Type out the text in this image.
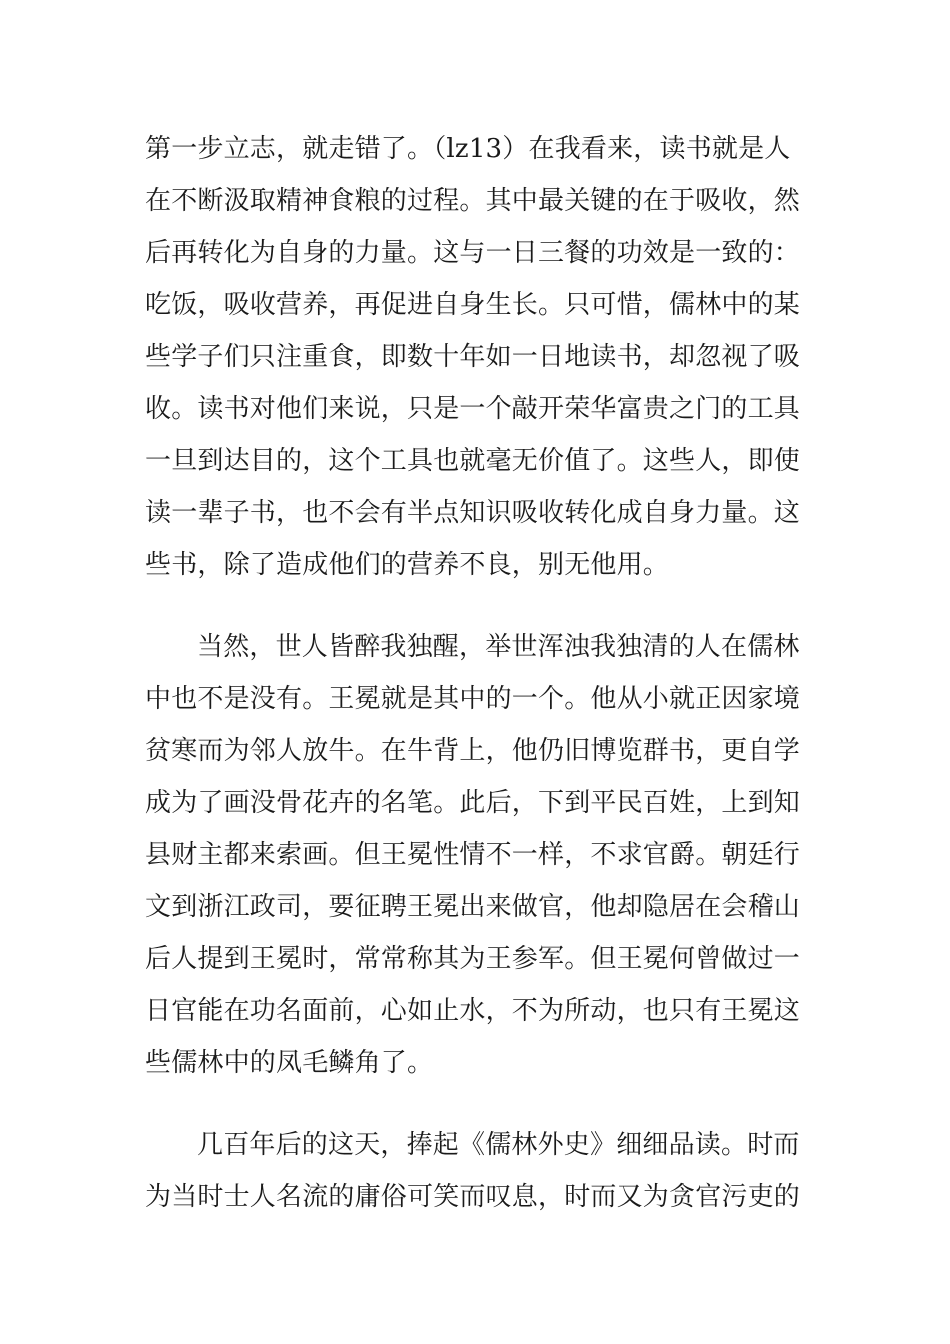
第一步立志，就走错了。（lz13）在我看来，读书就是人
在不断汲取精神食粮的过程。其中最关键的在于吸收，然
后再转化为自身的力量。这与一日三餐的功效是一致的：
吃饭，吸收营养，再促进自身生长。只可惜，儒林中的某
些学子们只注重食，即数十年如一日地读书，却忽视了吸
收。读书对他们来说，只是一个敲开荣华富贵之门的工具
一旦到达目的，这个工具也就毫无价值了。这些人，即使
读一辈子书，也不会有半点知识吸收转化成自身力量。这
些书，除了造成他们的营养不良，别无他用。
当然，世人皆醉我独醒，举世浑浊我独清的人在儒林
中也不是没有。王冕就是其中的一个。他从小就正因家境
贫寒而为邻人放牛。在牛背上，他仍旧博览群书，更自学
成为了画没骨花卉的名笔。此后，下到平民百姓，上到知
县财主都来索画。但王冕性情不一样，不求官爵。朝廷行
文到浙江政司，要征聘王冕出来做官，他却隐居在会稽山
后人提到王冕时，常常称其为王参军。但王冕何曾做过一
日官能在功名面前，心如止水，不为所动，也只有王冕这
些儒林中的凤毛鳞角了。
几百年后的这天，捧起《儒林外史》细细品读。时而
为当时士人名流的庸俗可笑而叹息，时而又为贪官污吏的
